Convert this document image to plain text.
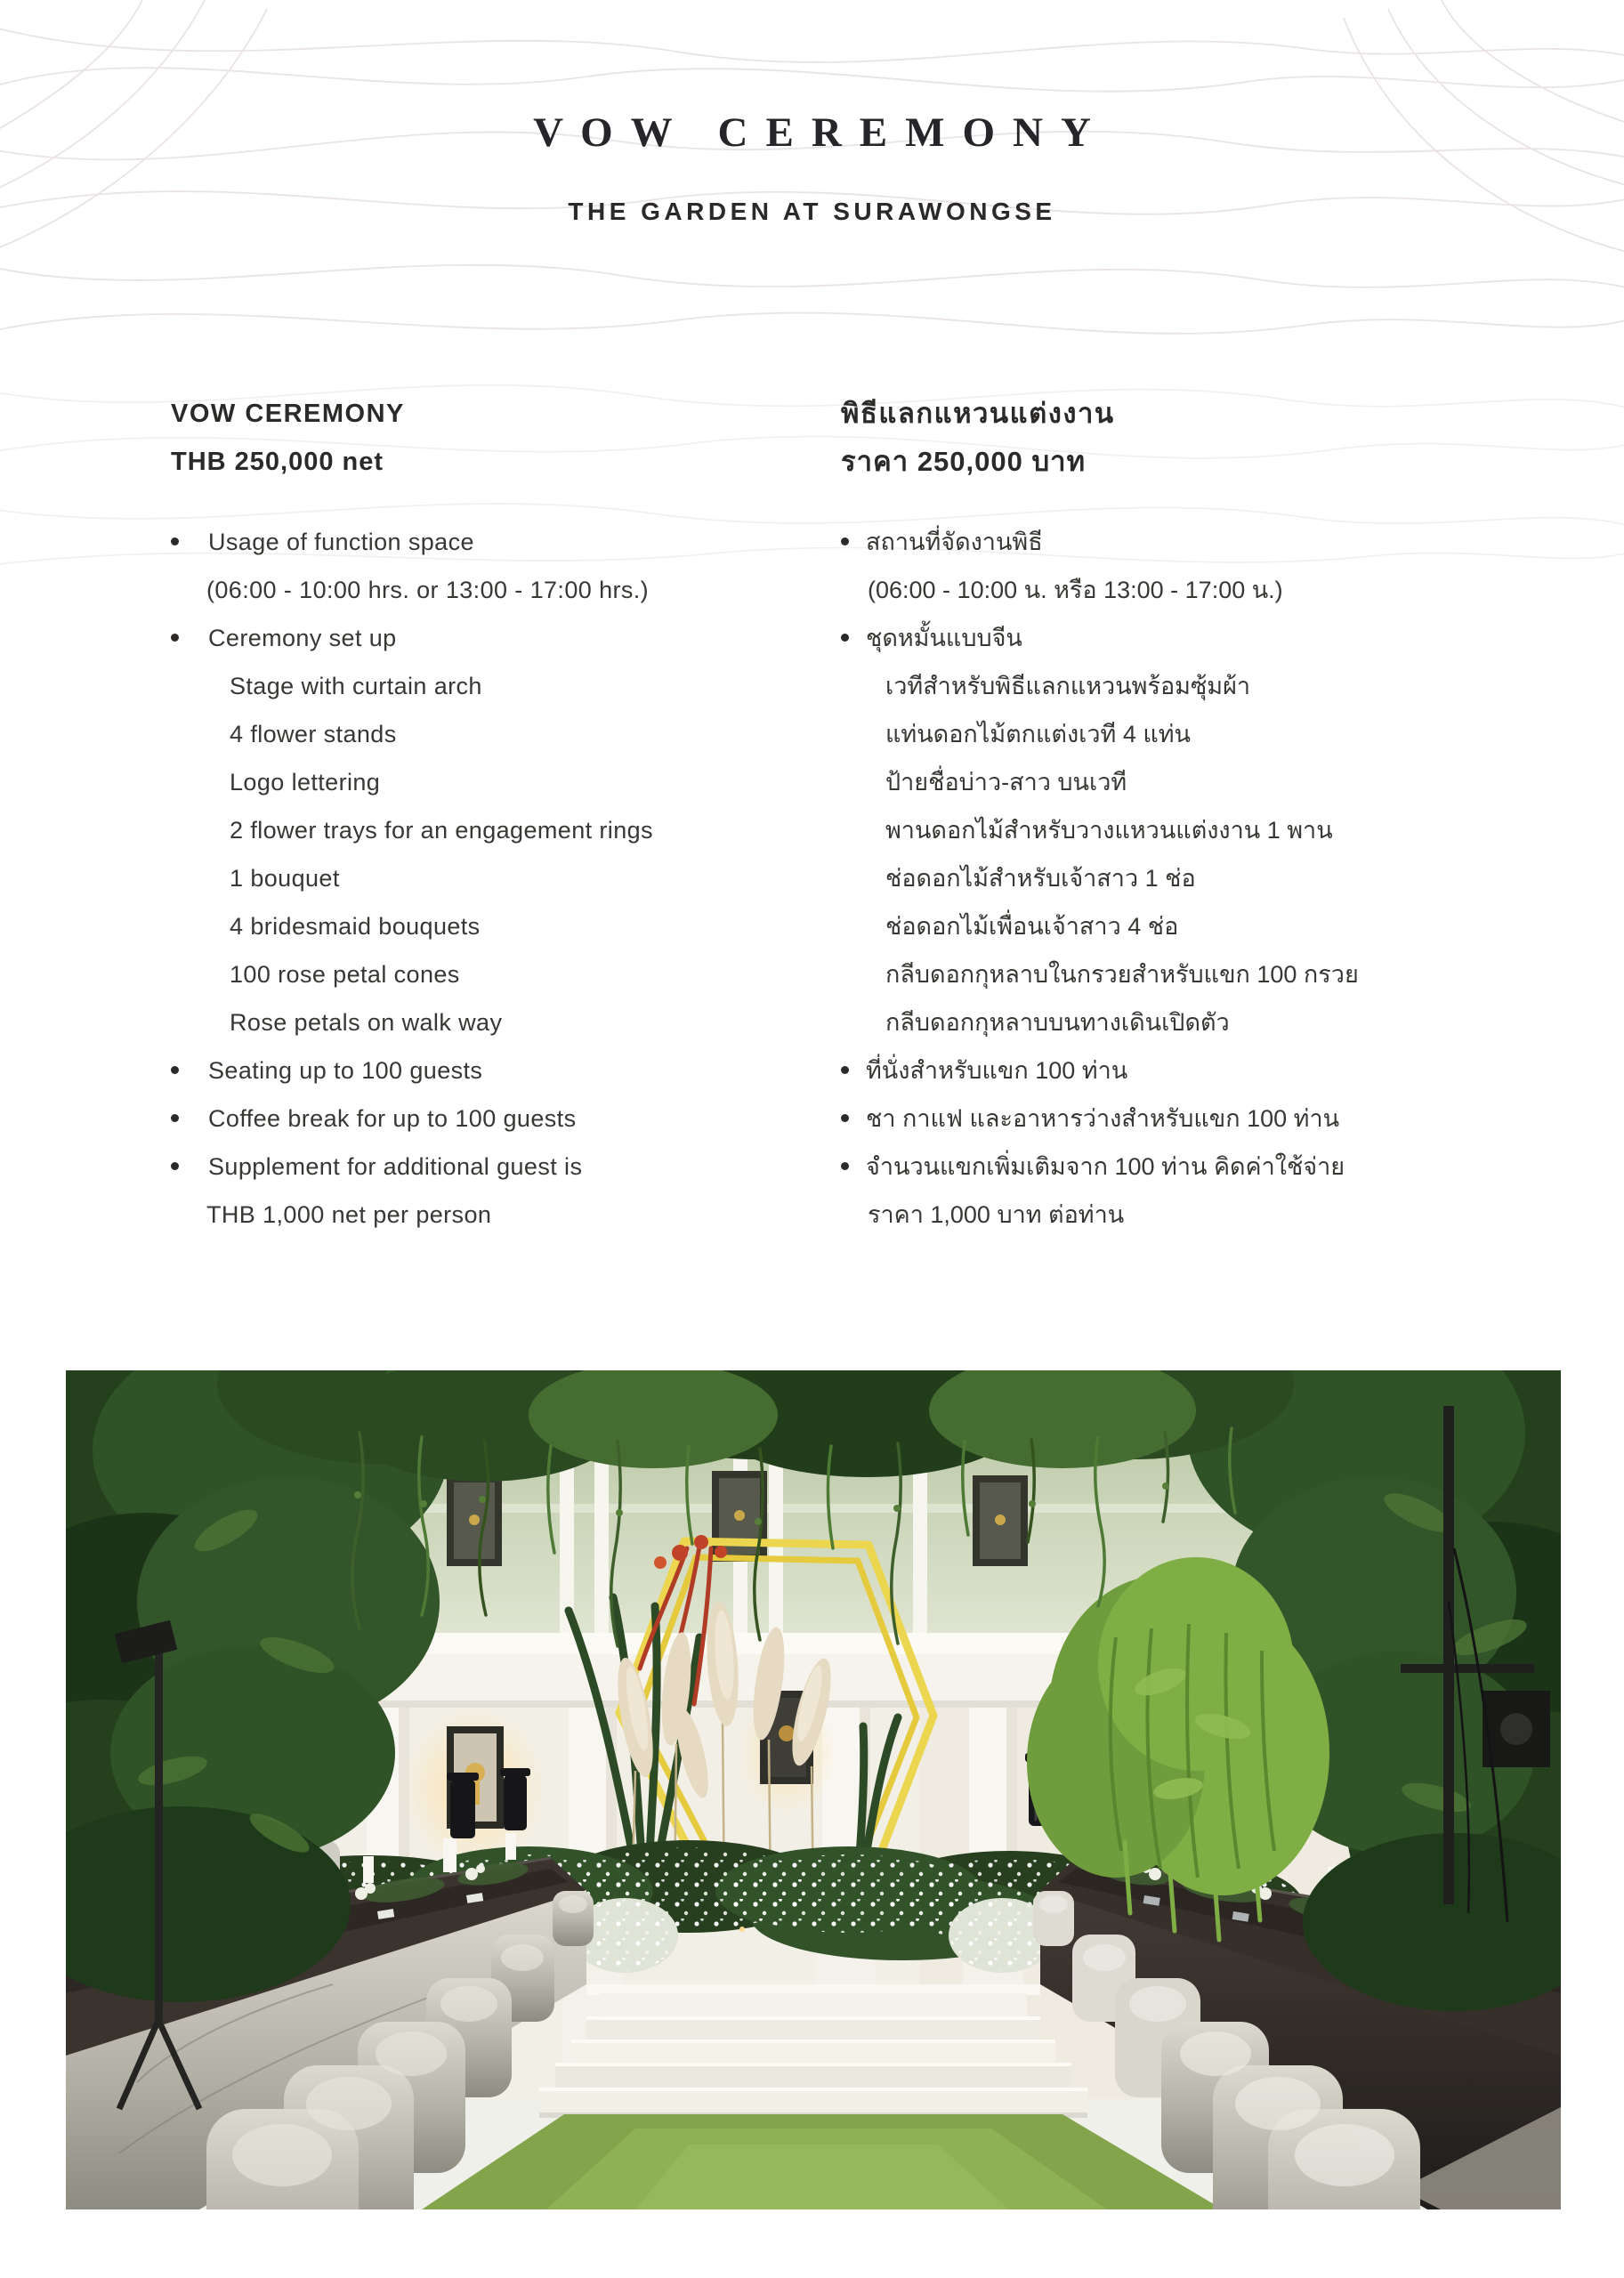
VOW CEREMONY
THE GARDEN AT SURAWONGSE
VOW CEREMONY
THB 250,000 net
Usage of function space
(06:00 - 10:00 hrs. or 13:00 - 17:00 hrs.)
Ceremony set up
Stage with curtain arch
4 flower stands
Logo lettering
2 flower trays for an engagement rings
1 bouquet
4 bridesmaid bouquets
100 rose petal cones
Rose petals on walk way
Seating up to 100 guests
Coffee break for up to 100 guests
Supplement for additional guest is
THB 1,000 net per person
พิธีแลกแหวนแต่งงาน
ราคา 250,000 บาท
สถานที่จัดงานพิธี
(06:00 - 10:00 น. หรือ 13:00 - 17:00 น.)
ชุดหมั้นแบบจีน
เวทีสำหรับพิธีแลกแหวนพร้อมซุ้มผ้า
แท่นดอกไม้ตกแต่งเวที 4 แท่น
ป้ายชื่อบ่าว-สาว บนเวที
พานดอกไม้สำหรับวางแหวนแต่งงาน 1 พาน
ช่อดอกไม้สำหรับเจ้าสาว 1 ช่อ
ช่อดอกไม้เพื่อนเจ้าสาว 4 ช่อ
กลีบดอกกุหลาบในกรวยสำหรับแขก 100 กรวย
กลีบดอกกุหลาบบนทางเดินเปิดตัว
ที่นั่งสำหรับแขก 100 ท่าน
ชา กาแฟ และอาหารว่างสำหรับแขก 100 ท่าน
จำนวนแขกเพิ่มเติมจาก 100 ท่าน คิดค่าใช้จ่าย
ราคา 1,000 บาท ต่อท่าน
